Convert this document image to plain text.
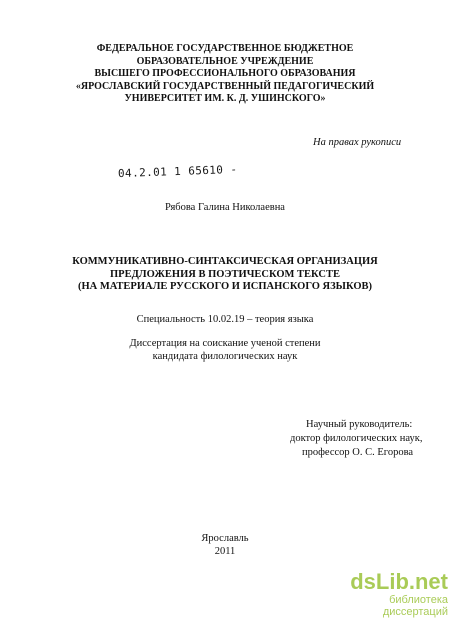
ФЕДЕРАЛЬНОЕ ГОСУДАРСТВЕННОЕ БЮДЖЕТНОЕ
ОБРАЗОВАТЕЛЬНОЕ УЧРЕЖДЕНИЕ
ВЫСШЕГО ПРОФЕССИОНАЛЬНОГО ОБРАЗОВАНИЯ
«ЯРОСЛАВСКИЙ ГОСУДАРСТВЕННЫЙ ПЕДАГОГИЧЕСКИЙ
УНИВЕРСИТЕТ ИМ. К. Д. УШИНСКОГО»
На правах рукописи
04.2.01 1 65610 -
Рябова Галина Николаевна
КОММУНИКАТИВНО-СИНТАКСИЧЕСКАЯ ОРГАНИЗАЦИЯ
ПРЕДЛОЖЕНИЯ В ПОЭТИЧЕСКОМ ТЕКСТЕ
(НА МАТЕРИАЛЕ РУССКОГО И ИСПАНСКОГО ЯЗЫКОВ)
Специальность 10.02.19 – теория языка
Диссертация на соискание ученой степени
кандидата филологических наук
Научный руководитель:
доктор филологических наук,
профессор О. С. Егорова
Ярославль
2011
dsLib.net
библиотека диссертаций
